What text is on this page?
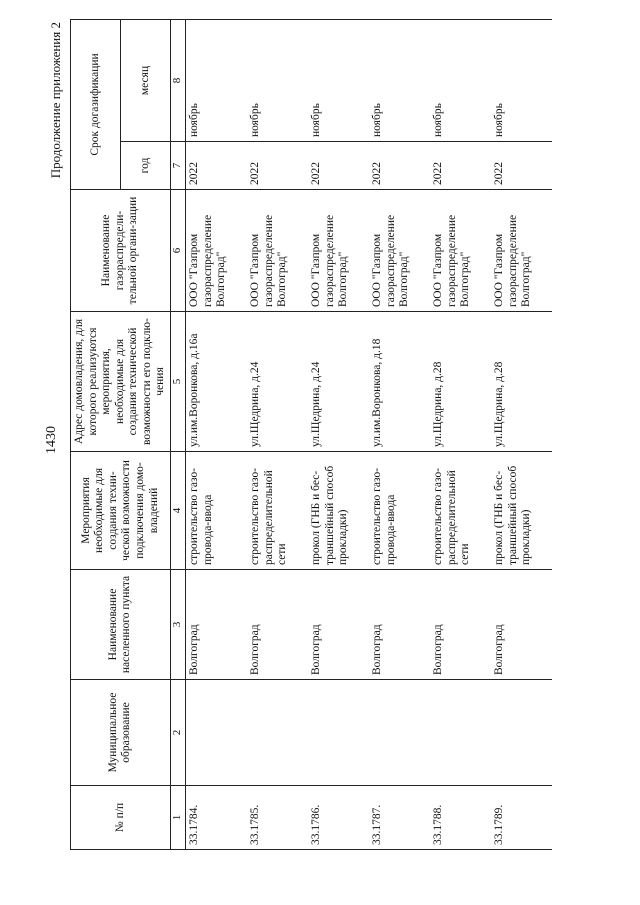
1430
Продолжение приложения 2
№ п/п	Муниципальное образование	Наименование населенного пункта	Мероприятия необходимые для создания техни-ческой возможности подключения домо-владений	Адрес домовладения, для которого реализуются мероприятия, необходимые для создания технической возможности его подклю-чения	Наименование газораспредели-тельной органи-зации	Срок догазификации	
						год	месяц
1	2	3	4	5	6	7	8
33.1784.		Волгоград	строительство газо-провода-ввода	ул.им.Воронкова, д.16а	ООО "Газпром газораспределение Волгоград"	2022	ноябрь
33.1785.		Волгоград	строительство газо-распределительной сети	ул.Щедрина, д.24	ООО "Газпром газораспределение Волгоград"	2022	ноябрь
33.1786.		Волгоград	прокол (ГНБ и бес-траншейный способ прокладки)	ул.Щедрина, д.24	ООО "Газпром газораспределение Волгоград"	2022	ноябрь
33.1787.		Волгоград	строительство газо-провода-ввода	ул.им.Воронкова, д.18	ООО "Газпром газораспределение Волгоград"	2022	ноябрь
33.1788.		Волгоград	строительство газо-распределительной сети	ул.Щедрина, д.28	ООО "Газпром газораспределение Волгоград"	2022	ноябрь
33.1789.		Волгоград	прокол (ГНБ и бес-траншейный способ прокладки)	ул.Щедрина, д.28	ООО "Газпром газораспределение Волгоград"	2022	ноябрь
